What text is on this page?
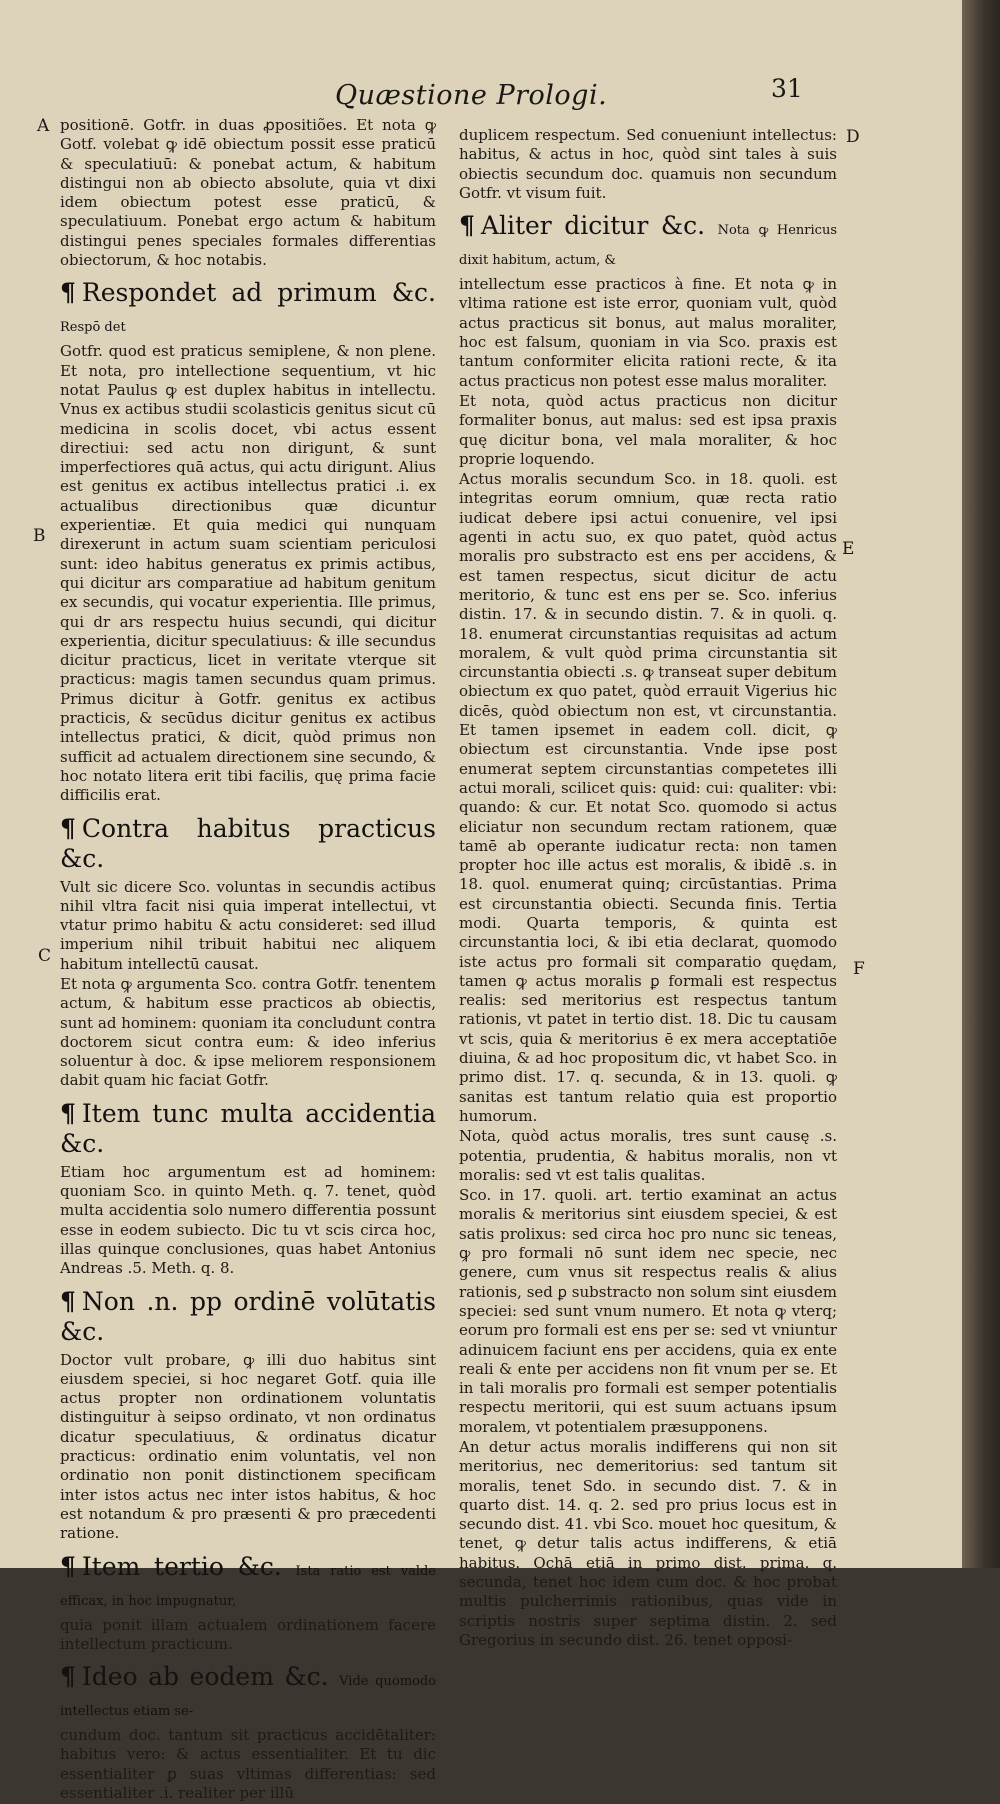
Quæstione Prologi.	31
A
B
C
D
E
F

positionē. Gotfr. in duas ꝓpositiões. Et nota ꝙ Gotf. volebat ꝙ idē obiectum possit esse praticū & speculatiuū: & ponebat actum, & habitum distingui non ab obiecto absolute, quia vt dixi idem obiectum potest esse praticū, & speculatiuum. Ponebat ergo actum & habitum distingui penes speciales formales differentias obiectorum, & hoc notabis.

¶ Respondet ad primum &c. Respō det

Gotfr. quod est praticus semiplene, & non plene. Et nota, pro intellectione sequentium, vt hic notat Paulus ꝙ est duplex habitus in intellectu. Vnus ex actibus studii scolasticis genitus sicut cū medicina in scolis docet, vbi actus essent directiui: sed actu non dirigunt, & sunt imperfectiores quā actus, qui actu dirigunt. Alius est genitus ex actibus intellectus pratici .i. ex actualibus directionibus quæ dicuntur experientiæ. Et quia medici qui nunquam direxerunt in actum suam scientiam periculosi sunt: ideo habitus generatus ex primis actibus, qui dicitur ars comparatiue ad habitum genitum ex secundis, qui vocatur experientia. Ille primus, qui dr ars respectu huius secundi, qui dicitur experientia, dicitur speculatiuus: & ille secundus dicitur practicus, licet in veritate vterque sit practicus: magis tamen secundus quam primus. Primus dicitur à Gotfr. genitus ex actibus practicis, & secūdus dicitur genitus ex actibus intellectus pratici, & dicit, quòd primus non sufficit ad actualem directionem sine secundo, & hoc notato litera erit tibi facilis, quę prima facie difficilis erat.

¶ Contra habitus practicus &c.

Vult sic dicere Sco. voluntas in secundis actibus nihil vltra facit nisi quia imperat intellectui, vt vtatur primo habitu & actu consideret: sed illud imperium nihil tribuit habitui nec aliquem habitum intellectū causat.

Et nota ꝙ argumenta Sco. contra Gotfr. tenentem actum, & habitum esse practicos ab obiectis, sunt ad hominem: quoniam ita concludunt contra doctorem sicut contra eum: & ideo inferius soluentur à doc. & ipse meliorem responsionem dabit quam hic faciat Gotfr.

¶ Item tunc multa accidentia &c.

Etiam hoc argumentum est ad hominem: quoniam Sco. in quinto Meth. q. 7. tenet, quòd multa accidentia solo numero differentia possunt esse in eodem subiecto. Dic tu vt scis circa hoc, illas quinque conclusiones, quas habet Antonius Andreas .5. Meth. q. 8.

¶ Non .n. pp ordinē volūtatis &c.

Doctor vult probare, ꝙ illi duo habitus sint eiusdem speciei, si hoc negaret Gotf. quia ille actus propter non ordinationem voluntatis distinguitur à seipso ordinato, vt non ordinatus dicatur speculatiuus, & ordinatus dicatur practicus: ordinatio enim voluntatis, vel non ordinatio non ponit distinctionem specificam inter istos actus nec inter istos habitus, & hoc est notandum & pro præsenti & pro præcedenti ratione.

¶ Item tertio &c. Ista ratio est valde efficax, in hoc impugnatur,

quia ponit illam actualem ordinationem facere intellectum practicum.

¶ Ideo ab eodem &c. Vide quomodo intellectus etiam se-

cundum doc. tantum sit practicus accidētaliter: habitus vero: & actus essentialiter. Et tu dic essentialiter ꝑ suas vltimas differentias: sed essentialiter .i. realiter per illū

duplicem respectum. Sed conueniunt intellectus: habitus, & actus in hoc, quòd sint tales à suis obiectis secundum doc. quamuis non secundum Gotfr. vt visum fuit.

¶ Aliter dicitur &c. Nota ꝙ Henricus dixit habitum, actum, &

intellectum esse practicos à fine. Et nota ꝙ in vltima ratione est iste error, quoniam vult, quòd actus practicus sit bonus, aut malus moraliter, hoc est falsum, quoniam in via Sco. praxis est tantum conformiter elicita rationi recte, & ita actus practicus non potest esse malus moraliter.

Et nota, quòd actus practicus non dicitur formaliter bonus, aut malus: sed est ipsa praxis quę dicitur bona, vel mala moraliter, & hoc proprie loquendo.

Actus moralis secundum Sco. in 18. quoli. est integritas eorum omnium, quæ recta ratio iudicat debere ipsi actui conuenire, vel ipsi agenti in actu suo, ex quo patet, quòd actus moralis pro substracto est ens per accidens, & est tamen respectus, sicut dicitur de actu meritorio, & tunc est ens per se. Sco. inferius distin. 17. & in secundo distin. 7. & in quoli. q. 18. enumerat circunstantias requisitas ad actum moralem, & vult quòd prima circunstantia sit circunstantia obiecti .s. ꝙ transeat super debitum obiectum ex quo patet, quòd errauit Vigerius hic dicēs, quòd obiectum non est, vt circunstantia. Et tamen ipsemet in eadem coll. dicit, ꝙ obiectum est circunstantia. Vnde ipse post enumerat septem circunstantias competetes illi actui morali, scilicet quis: quid: cui: qualiter: vbi: quando: & cur. Et notat Sco. quomodo si actus eliciatur non secundum rectam rationem, quæ tamē ab operante iudicatur recta: non tamen propter hoc ille actus est moralis, & ibidē .s. in 18. quol. enumerat quinq; circūstantias. Prima est circunstantia obiecti. Secunda finis. Tertia modi. Quarta temporis, & quinta est circunstantia loci, & ibi etia declarat, quomodo iste actus pro formali sit comparatio quędam, tamen ꝙ actus moralis ꝑ formali est respectus realis: sed meritorius est respectus tantum rationis, vt patet in tertio dist. 18. Dic tu causam vt scis, quia & meritorius ē ex mera acceptatiōe diuina, & ad hoc propositum dic, vt habet Sco. in primo dist. 17. q. secunda, & in 13. quoli. ꝙ sanitas est tantum relatio quia est proportio humorum.

Nota, quòd actus moralis, tres sunt causę .s. potentia, prudentia, & habitus moralis, non vt moralis: sed vt est talis qualitas.

Sco. in 17. quoli. art. tertio examinat an actus moralis & meritorius sint eiusdem speciei, & est satis prolixus: sed circa hoc pro nunc sic teneas, ꝙ pro formali nō sunt idem nec specie, nec genere, cum vnus sit respectus realis & alius rationis, sed ꝑ substracto non solum sint eiusdem speciei: sed sunt vnum numero. Et nota ꝙ vterq; eorum pro formali est ens per se: sed vt vniuntur adinuicem faciunt ens per accidens, quia ex ente reali & ente per accidens non fit vnum per se. Et in tali moralis pro formali est semper potentialis respectu meritorii, qui est suum actuans ipsum moralem, vt potentialem præsupponens.

An detur actus moralis indifferens qui non sit meritorius, nec demeritorius: sed tantum sit moralis, tenet Sdo. in secundo dist. 7. & in quarto dist. 14. q. 2. sed pro prius locus est in secundo dist. 41. vbi Sco. mouet hoc quesitum, & tenet, ꝙ detur talis actus indifferens, & etiā habitus. Ochā etiā in primo dist. prima. q. secunda, tenet hoc idem cum doc. & hoc probat multis pulcherrimis rationibus, quas vide in scriptis nostris super septima distin. 2. sed Gregorius in secundo dist. 26. tenet opposi-
